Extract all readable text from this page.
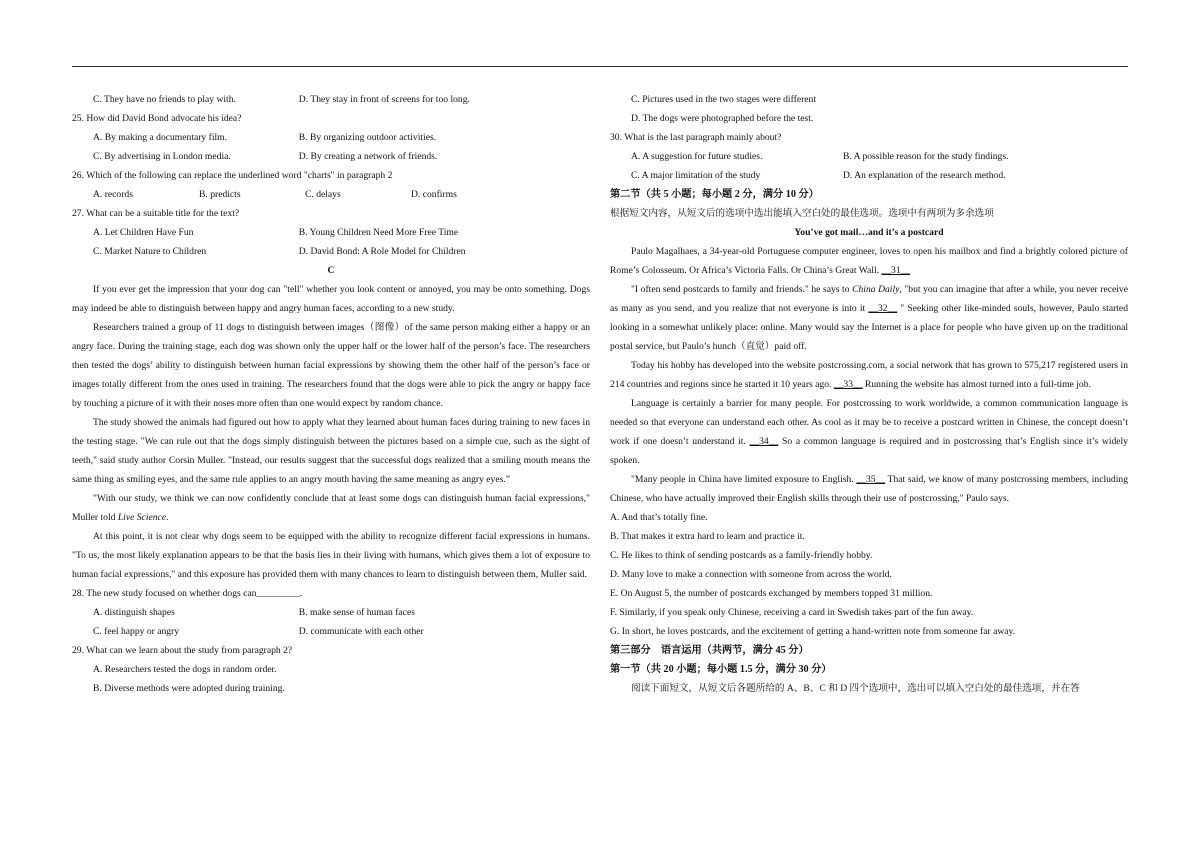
C. They have no friends to play with.	D. They stay in front of screens for too long.
25. How did David Bond advocate his idea?
A. By making a documentary film.	B. By organizing outdoor activities.
C. By advertising in London media.	D. By creating a network of friends.
26. Which of the following can replace the underlined word "charts" in paragraph 2
A. records	B. predicts	C. delays	D. confirms
27. What can be a suitable title for the text?
A. Let Children Have Fun	B. Young Children Need More Free Time
C. Market Nature to Children	D. David Bond: A Role Model for Children
C
If you ever get the impression that your dog can "tell" whether you look content or annoyed, you may be onto something. Dogs may indeed be able to distinguish between happy and angry human faces, according to a new study.
Researchers trained a group of 11 dogs to distinguish between images（图像）of the same person making either a happy or an angry face. During the training stage, each dog was shown only the upper half or the lower half of the person’s face. The researchers then tested the dogs’ ability to distinguish between human facial expressions by showing them the other half of the person’s face or images totally different from the ones used in training. The researchers found that the dogs were able to pick the angry or happy face by touching a picture of it with their noses more often than one would expect by random chance.
The study showed the animals had figured out how to apply what they learned about human faces during training to new faces in the testing stage. "We can rule out that the dogs simply distinguish between the pictures based on a simple cue, such as the sight of teeth," said study author Corsin Muller. "Instead, our results suggest that the successful dogs realized that a smiling mouth means the same thing as smiling eyes, and the same rule applies to an angry mouth having the same meaning as angry eyes.”
"With our study, we think we can now confidently conclude that at least some dogs can distinguish human facial expressions," Muller told Live Science.
At this point, it is not clear why dogs seem to be equipped with the ability to recognize different facial expressions in humans. "To us, the most likely explanation appears to be that the basis lies in their living with humans, which gives them a lot of exposure to human facial expressions," and this exposure has provided them with many chances to learn to distinguish between them, Muller said.
28. The new study focused on whether dogs can_________.
A. distinguish shapes	B. make sense of human faces
C. feel happy or angry	D. communicate with each other
29. What can we learn about the study from paragraph 2?
A. Researchers tested the dogs in random order.
B. Diverse methods were adopted during training.
C. Pictures used in the two stages were different
D. The dogs were photographed before the test.
30. What is the last paragraph mainly about?
A. A suggestion for future studies.	B. A possible reason for the study findings.
C. A major limitation of the study	D. An explanation of the research method.
第二节（共 5 小题；每小题 2 分，满分 10 分）
根据短文内容，从短文后的选项中选出能填入空白处的最佳选项。选项中有两项为多余选项
You’ve got mail…and it’s a postcard
Paulo Magalhaes, a 34-year-old Portuguese computer engineer, loves to open his mailbox and find a brightly colored picture of Rome’s Colosseum. Or Africa’s Victoria Falls. Or China’s Great Wall. __31__
"I often send postcards to family and friends." he says to China Daily, "but you can imagine that after a while, you never receive as many as you send, and you realize that not everyone is into it __32__ " Seeking other like-minded souls, however, Paulo started looking in a somewhat unlikely place: online. Many would say the Internet is a place for people who have given up on the traditional postal service, but Paulo’s hunch（直觉）paid off.
Today his hobby has developed into the website postcrossing.com, a social network that has grown to 575,217 registered users in 214 countries and regions since he started it 10 years ago. __33__ Running the website has almost turned into a full-time job.
Language is certainly a barrier for many people. For postcrossing to work worldwide, a common communication language is needed so that everyone can understand each other. As cool as it may be to receive a postcard written in Chinese, the concept doesn’t work if one doesn’t understand it. __34__ So a common language is required and in postcrossing that’s English since it’s widely spoken.
"Many people in China have limited exposure to English. __35__ That said, we know of many postcrossing members, including Chinese, who have actually improved their English skills through their use of postcrossing," Paulo says.
A. And that’s totally fine.
B. That makes it extra hard to learn and practice it.
C. He likes to think of sending postcards as a family-friendly hobby.
D. Many love to make a connection with someone from across the world.
E. On August 5, the number of postcards exchanged by members topped 31 million.
F. Similarly, if you speak only Chinese, receiving a card in Swedish takes part of the fun away.
G. In short, he loves postcards, and the excitement of getting a hand-written note from someone far away.
第三部分　语言运用（共两节，满分 45 分）
第一节（共 20 小题；每小题 1.5 分，满分 30 分）
阅读下面短文，从短文后各题所给的 A、B、C 和 D 四个选项中，选出可以填入空白处的最佳选项，并在答
